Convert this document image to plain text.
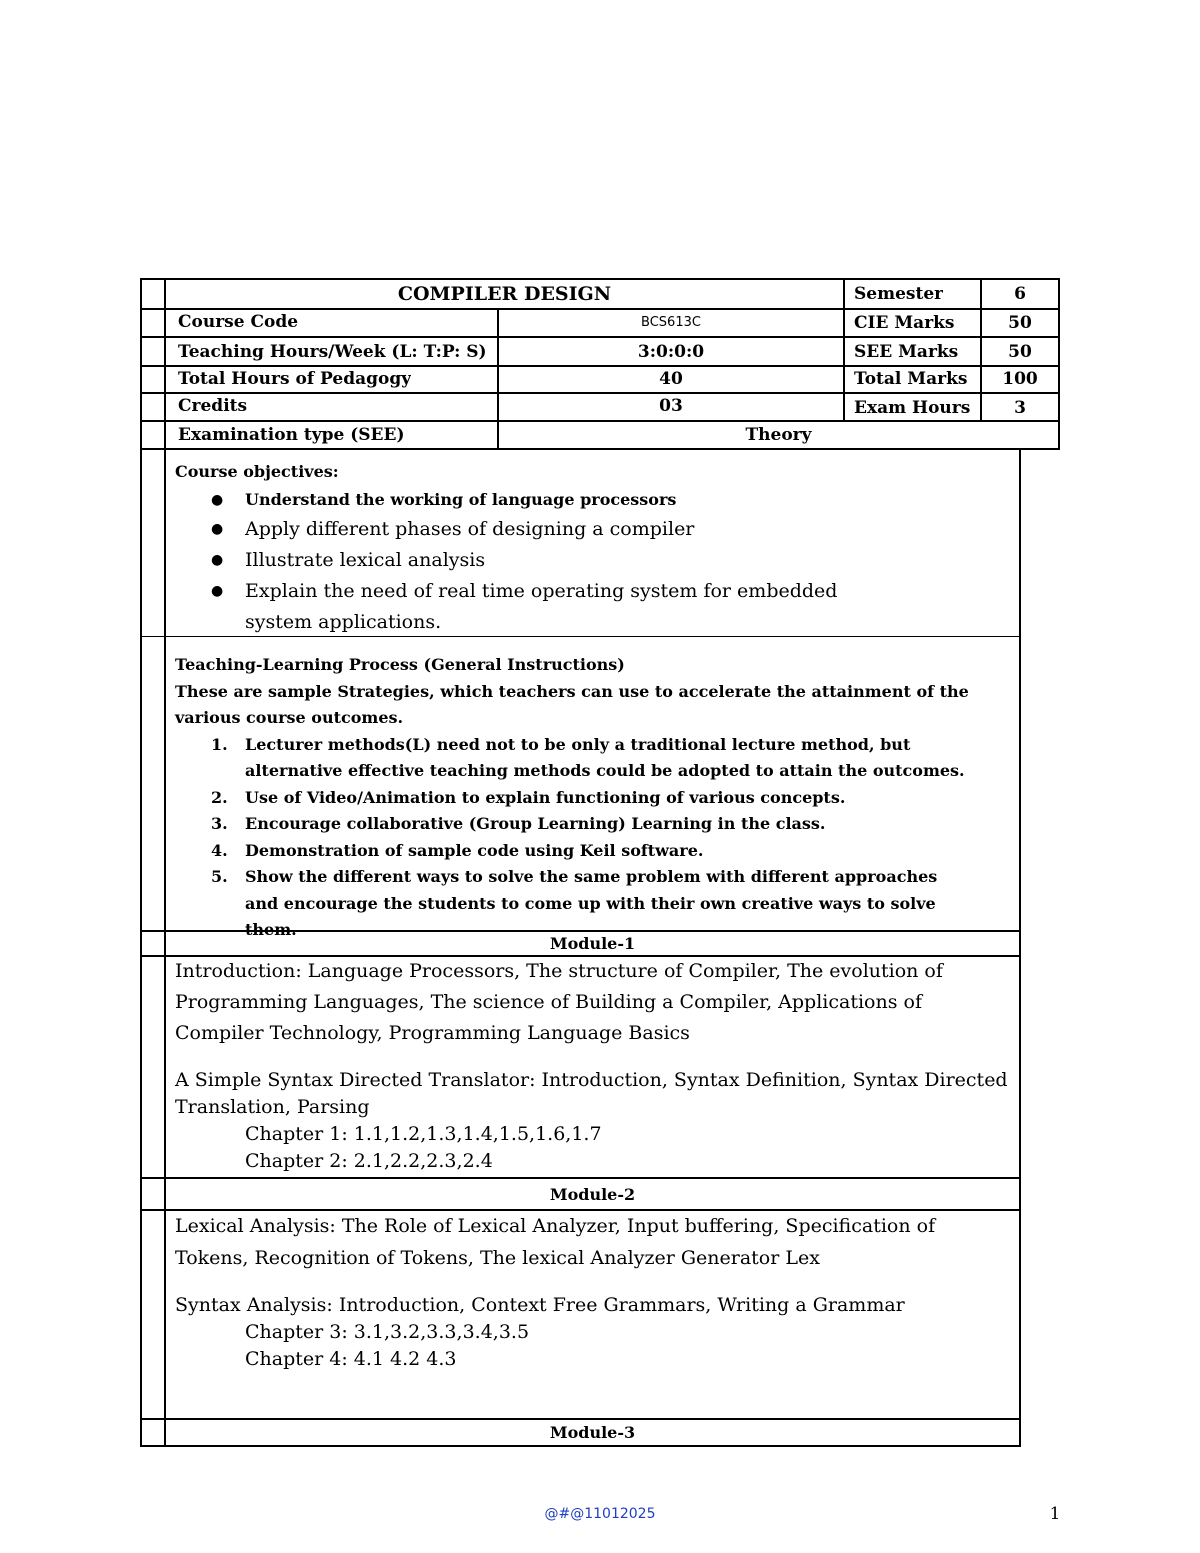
COMPILER DESIGN
Course Code
Teaching Hours/Week (L: T:P: S)
Total Hours of Pedagogy
Credits
Examination type (SEE)
BCS613C
3:0:0:0
40
03
Theory
Semester
CIE Marks
SEE Marks
Total Marks
Exam Hours
6
50
50
100
3
Course objectives:
● Understand the working of language processors
● Apply different phases of designing a compiler
● Illustrate lexical analysis
● Explain the need of real time operating system for embedded system applications.
Teaching-Learning Process (General Instructions)
These are sample Strategies, which teachers can use to accelerate the attainment of the various course outcomes.
1. Lecturer methods(L) need not to be only a traditional lecture method, but alternative effective teaching methods could be adopted to attain the outcomes.
2. Use of Video/Animation to explain functioning of various concepts.
3. Encourage collaborative (Group Learning) Learning in the class.
4. Demonstration of sample code using Keil software.
5. Show the different ways to solve the same problem with different approaches and encourage the students to come up with their own creative ways to solve them.
Module-1
Introduction: Language Processors, The structure of Compiler, The evolution of Programming Languages, The science of Building a Compiler, Applications of Compiler Technology, Programming Language Basics
A Simple Syntax Directed Translator: Introduction, Syntax Definition, Syntax Directed Translation, Parsing
Chapter 1: 1.1,1.2,1.3,1.4,1.5,1.6,1.7
Chapter 2: 2.1,2.2,2.3,2.4
Module-2
Lexical Analysis: The Role of Lexical Analyzer, Input buffering, Specification of Tokens, Recognition of Tokens, The lexical Analyzer Generator Lex
Syntax Analysis: Introduction, Context Free Grammars, Writing a Grammar
Chapter 3: 3.1,3.2,3.3,3.4,3.5
Chapter 4: 4.1 4.2 4.3
Module-3
@#@11012025	1
